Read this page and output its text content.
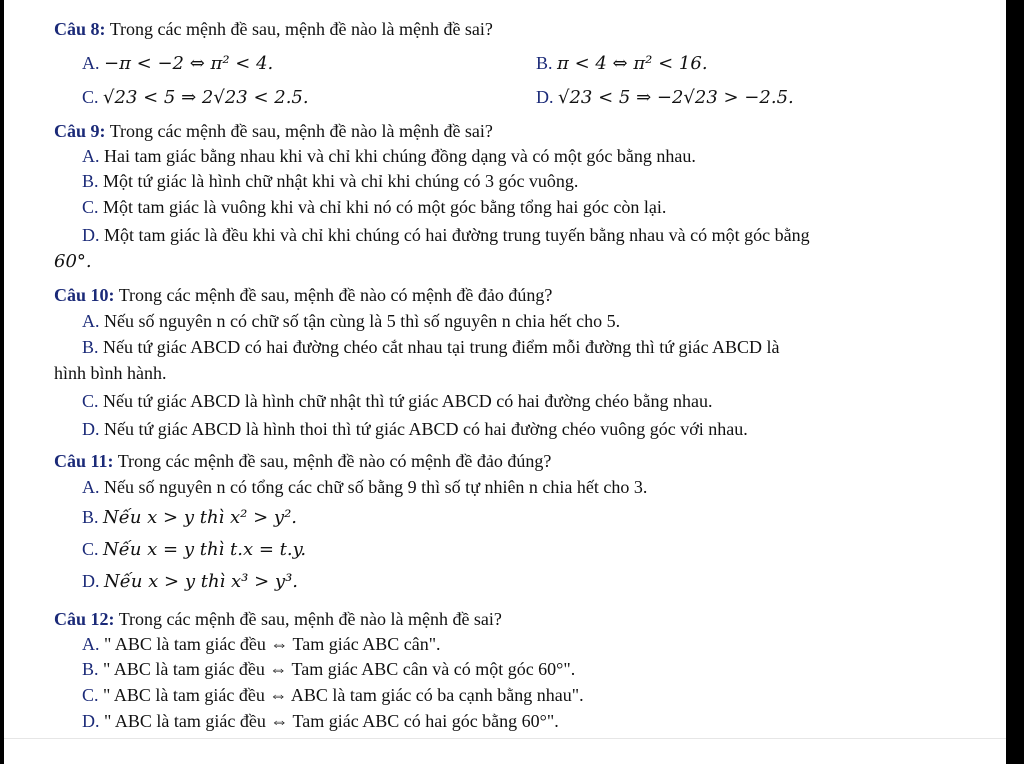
Câu 8: Trong các mệnh đề sau, mệnh đề nào là mệnh đề sai?
A. −π < −2 ⇔ π² < 4.	B. π < 4 ⇔ π² < 16.
C. √23 < 5 ⇒ 2√23 < 2.5.	D. √23 < 5 ⇒ −2√23 > −2.5.
Câu 9: Trong các mệnh đề sau, mệnh đề nào là mệnh đề sai?
A. Hai tam giác bằng nhau khi và chỉ khi chúng đồng dạng và có một góc bằng nhau.
B. Một tứ giác là hình chữ nhật khi và chỉ khi chúng có 3 góc vuông.
C. Một tam giác là vuông khi và chỉ khi nó có một góc bằng tổng hai góc còn lại.
D. Một tam giác là đều khi và chỉ khi chúng có hai đường trung tuyến bằng nhau và có một góc bằng
60°.
Câu 10: Trong các mệnh đề sau, mệnh đề nào có mệnh đề đảo đúng?
A. Nếu số nguyên n có chữ số tận cùng là 5 thì số nguyên n chia hết cho 5.
B. Nếu tứ giác ABCD có hai đường chéo cắt nhau tại trung điểm mỗi đường thì tứ giác ABCD là
hình bình hành.
C. Nếu tứ giác ABCD là hình chữ nhật thì tứ giác ABCD có hai đường chéo bằng nhau.
D. Nếu tứ giác ABCD là hình thoi thì tứ giác ABCD có hai đường chéo vuông góc với nhau.
Câu 11: Trong các mệnh đề sau, mệnh đề nào có mệnh đề đảo đúng?
A. Nếu số nguyên n có tổng các chữ số bằng 9 thì số tự nhiên n chia hết cho 3.
B. Nếu x > y thì x² > y².
C. Nếu x = y thì t.x = t.y.
D. Nếu x > y thì x³ > y³.
Câu 12: Trong các mệnh đề sau, mệnh đề nào là mệnh đề sai?
A. " ABC là tam giác đều ⇔ Tam giác ABC cân".
B. " ABC là tam giác đều ⇔ Tam giác ABC cân và có một góc 60°".
C. " ABC là tam giác đều ⇔ ABC là tam giác có ba cạnh bằng nhau".
D. " ABC là tam giác đều ⇔ Tam giác ABC có hai góc bằng 60°".
